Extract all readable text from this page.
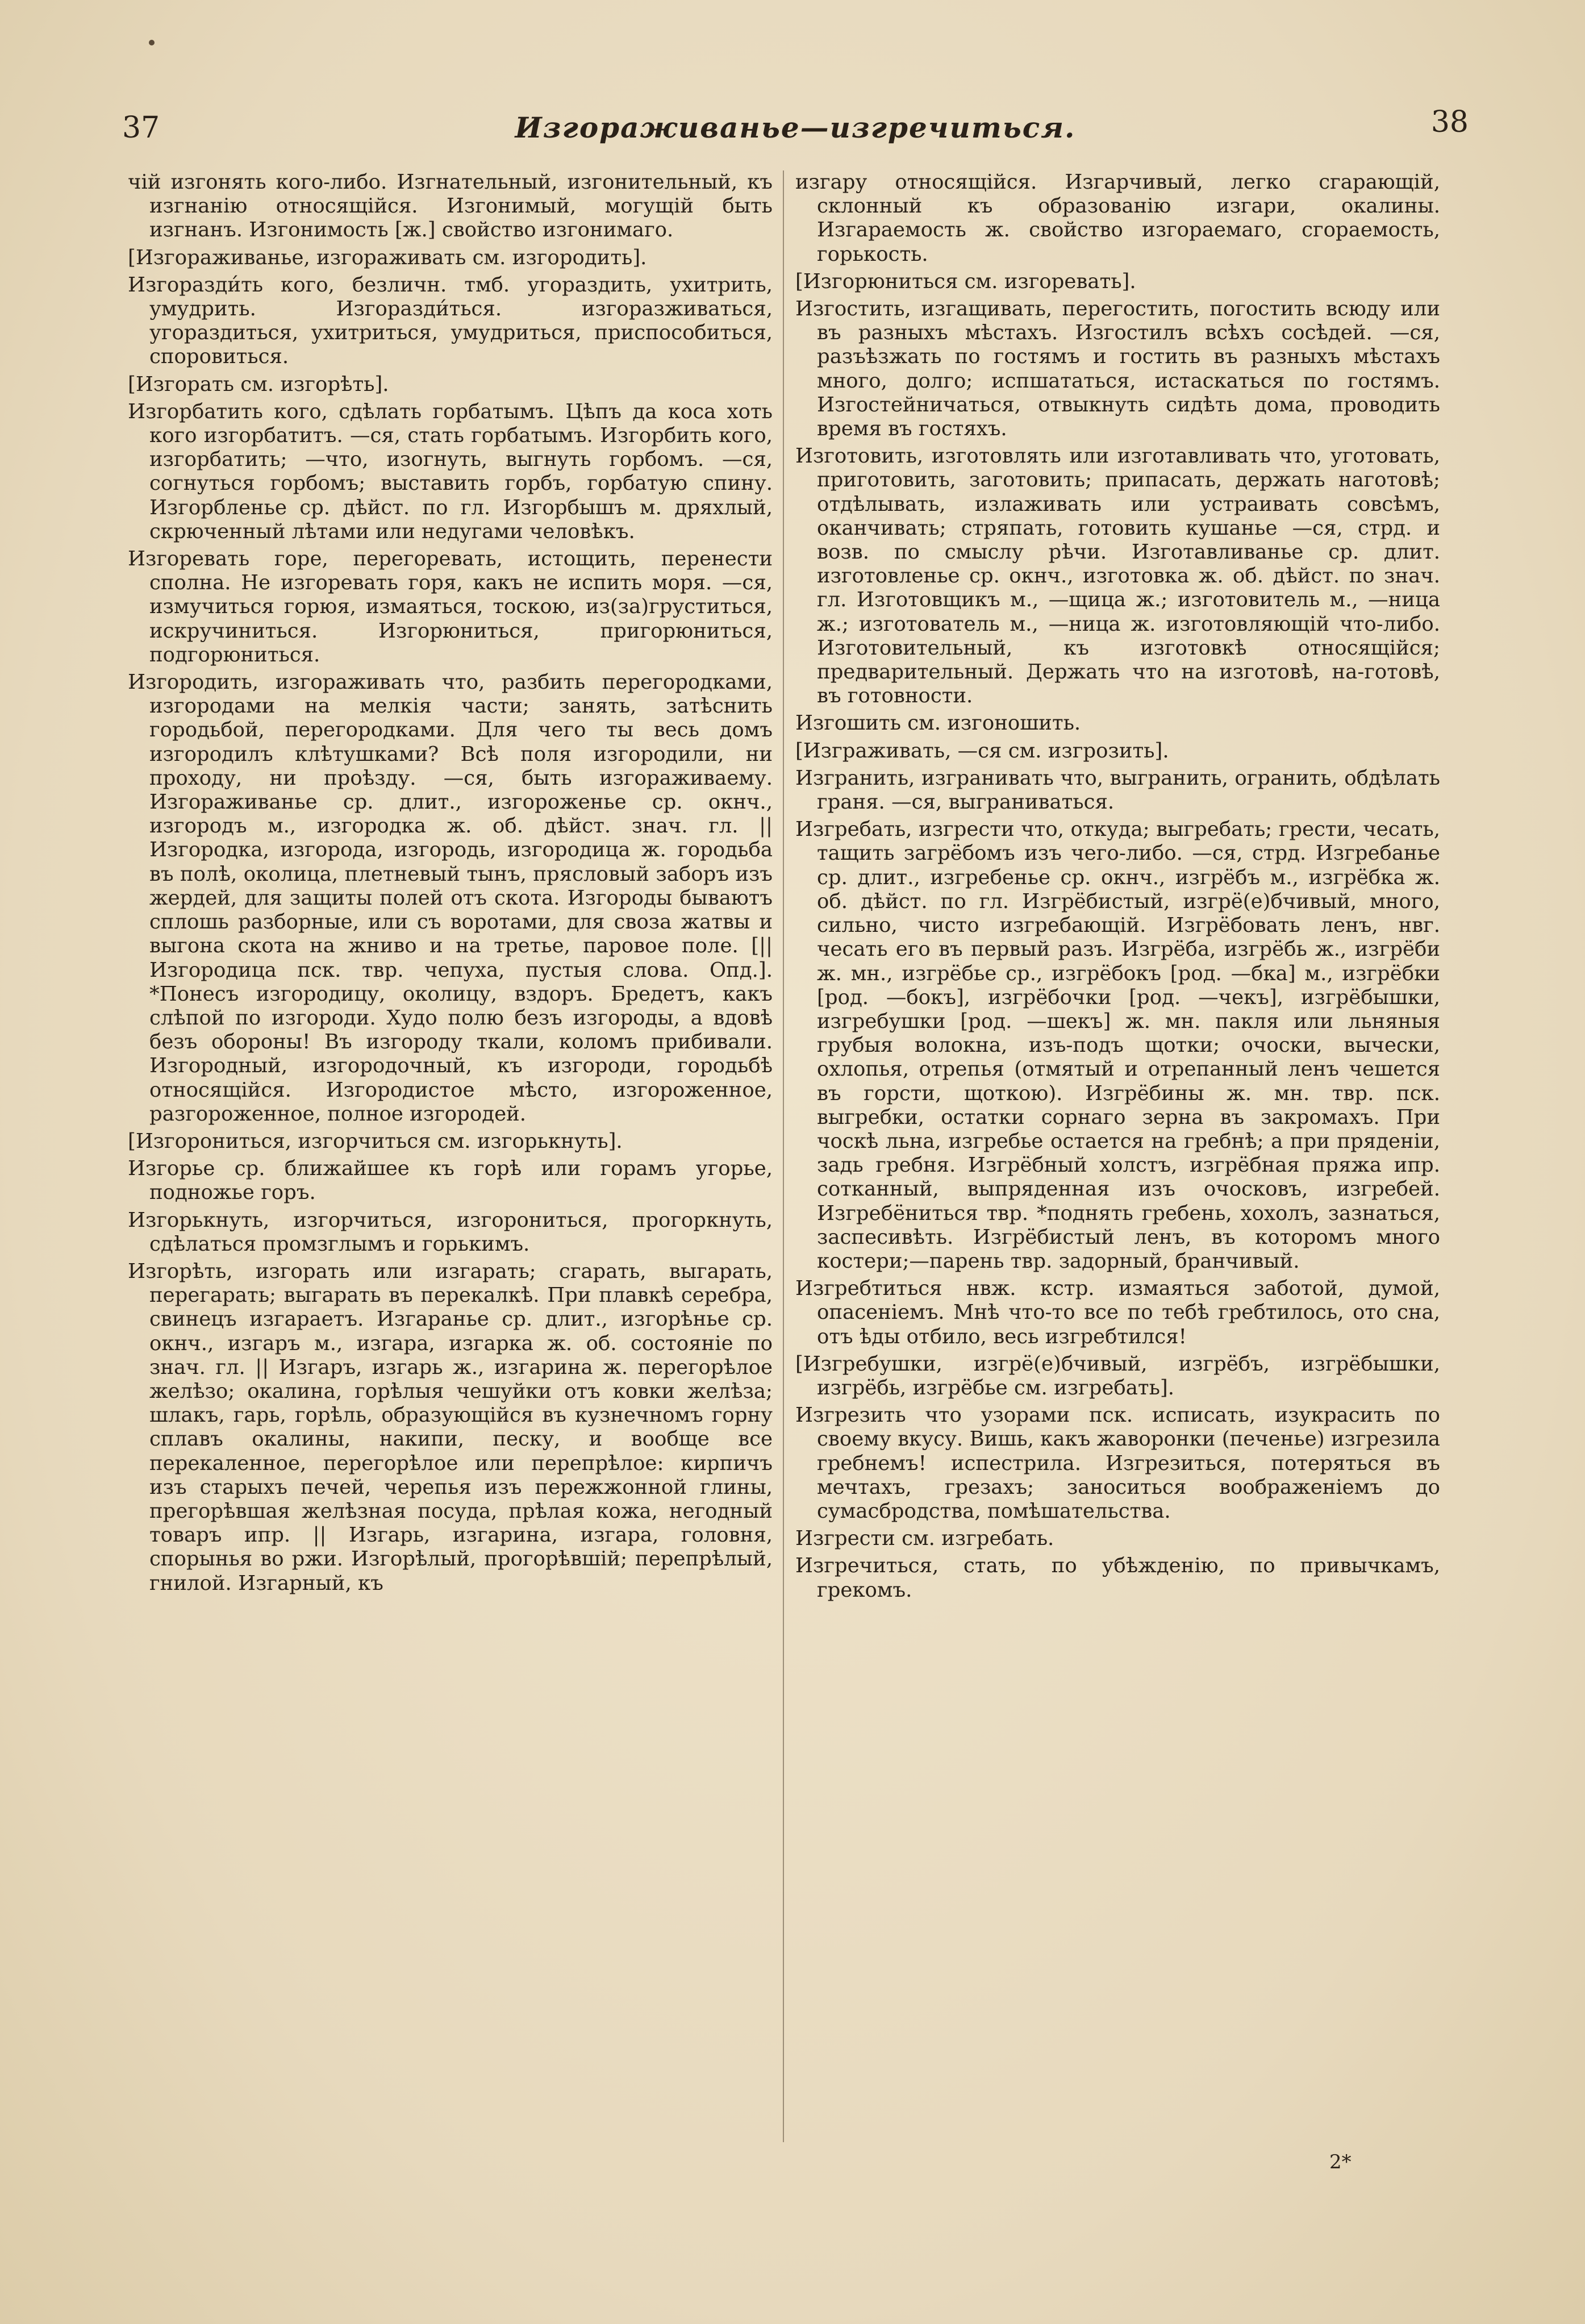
37	Изгораживанье—изгречиться.	38

чій изгонять кого-либо. Изгнательный, изгонительный, къ изгнанію относящійся. Изгонимый, могущій быть изгнанъ. Изгонимость [ж.] свойство изгонимаго.

[Изгораживанье, изгораживать см. изгородить].

Изгоразди́ть кого, безличн. тмб. угораздить, ухитрить, умудрить. Изгоразди́ться. изгоразживаться, угораздиться, ухитриться, умудриться, приспособиться, споровиться.

[Изгорать см. изгорѣть].

Изгорбатить кого, сдѣлать горбатымъ. Цѣпъ да коса хоть кого изгорбатитъ. —ся, стать горбатымъ. Изгорбить кого, изгорбатить; —что, изогнуть, выгнуть горбомъ. —ся, согнуться горбомъ; выставить горбъ, горбатую спину. Изгорбленье ср. дѣйст. по гл. Изгорбышъ м. дряхлый, скрюченный лѣтами или недугами человѣкъ.

Изгоревать горе, перегоревать, истощить, перенести сполна. Не изгоревать горя, какъ не испить моря. —ся, измучиться горюя, измаяться, тоскою, из(за)груститься, искручиниться. Изгорюниться, пригорюниться, подгорюниться.

Изгородить, изгораживать что, разбить перегородками, изгородами на мелкія части; занять, затѣснить городьбой, перегородками. Для чего ты весь домъ изгородилъ клѣтушками? Всѣ поля изгородили, ни проходу, ни проѣзду. —ся, быть изгораживаему. Изгораживанье ср. длит., изгороженье ср. окнч., изгородъ м., изгородка ж. об. дѣйст. знач. гл. || Изгородка, изгорода, изгородь, изгородица ж. городьба въ полѣ, околица, плетневый тынъ, прясловый заборъ изъ жердей, для защиты полей отъ скота. Изгороды бываютъ сплошь разборные, или съ воротами, для своза жатвы и выгона скота на жниво и на третье, паровое поле. [|| Изгородица пск. твр. чепуха, пустыя слова. Опд.]. *Понесъ изгородицу, околицу, вздоръ. Бредетъ, какъ слѣпой по изгороди. Худо полю безъ изгороды, а вдовѣ безъ обороны! Въ изгороду ткали, коломъ прибивали. Изгородный, изгородочный, къ изгороди, городьбѣ относящійся. Изгородистое мѣсто, изгороженное, разгороженное, полное изгородей.

[Изгорониться, изгорчиться см. изгорькнуть].

Изгорье ср. ближайшее къ горѣ или горамъ угорье, подножье горъ.

Изгорькнуть, изгорчиться, изгорониться, прогоркнуть, сдѣлаться промзглымъ и горькимъ.

Изгорѣть, изгорать или изгарать; сгарать, выгарать, перегарать; выгарать въ перекалкѣ. При плавкѣ серебра, свинецъ изгараетъ. Изгаранье ср. длит., изгорѣнье ср. окнч., изгаръ м., изгара, изгарка ж. об. состояніе по знач. гл. || Изгаръ, изгарь ж., изгарина ж. перегорѣлое желѣзо; окалина, горѣлыя чешуйки отъ ковки желѣза; шлакъ, гарь, горѣль, образующійся въ кузнечномъ горну сплавъ окалины, накипи, песку, и вообще все перекаленное, перегорѣлое или перепрѣлое: кирпичъ изъ старыхъ печей, черепья изъ пережжонной глины, прегорѣвшая желѣзная посуда, прѣлая кожа, негодный товаръ ипр. || Изгарь, изгарина, изгара, головня, спорынья во ржи. Изгорѣлый, прогорѣвшій; перепрѣлый, гнилой. Изгарный, къ

изгару относящійся. Изгарчивый, легко сгарающій, склонный къ образованію изгари, окалины. Изгараемость ж. свойство изгораемаго, сгораемость, горькость.

[Изгорюниться см. изгоревать].

Изгостить, изгащивать, перегостить, погостить всюду или въ разныхъ мѣстахъ. Изгостилъ всѣхъ сосѣдей. —ся, разъѣзжать по гостямъ и гостить въ разныхъ мѣстахъ много, долго; испшататься, истаскаться по гостямъ. Изгостейничаться, отвыкнуть сидѣть дома, проводить время въ гостяхъ.

Изготовить, изготовлять или изготавливать что, уготовать, приготовить, заготовить; припасать, держать наготовѣ; отдѣлывать, излаживать или устраивать совсѣмъ, оканчивать; стряпать, готовить кушанье —ся, стрд. и возв. по смыслу рѣчи. Изготавливанье ср. длит. изготовленье ср. окнч., изготовка ж. об. дѣйст. по знач. гл. Изготовщикъ м., —щица ж.; изготовитель м., —ница ж.; изготователь м., —ница ж. изготовляющій что-либо. Изготовительный, къ изготовкѣ относящійся; предварительный. Держать что на изготовѣ, на-готовѣ, въ готовности.

Изгошить см. изгоношить.

[Изграживать, —ся см. изгрозить].

Изгранить, изгранивать что, выгранить, огранить, обдѣлать граня. —ся, выграниваться.

Изгребать, изгрести что, откуда; выгребать; грести, чесать, тащить загрёбомъ изъ чего-либо. —ся, стрд. Изгребанье ср. длит., изгребенье ср. окнч., изгрёбъ м., изгрёбка ж. об. дѣйст. по гл. Изгрёбистый, изгрё(е)бчивый, много, сильно, чисто изгребающій. Изгрёбовать ленъ, нвг. чесать его въ первый разъ. Изгрёба, изгрёбь ж., изгрёби ж. мн., изгрёбье ср., изгрёбокъ [род. —бка] м., изгрёбки [род. —бокъ], изгрёбочки [род. —чекъ], изгрёбышки, изгребушки [род. —шекъ] ж. мн. пакля или льняныя грубыя волокна, изъ-подъ щотки; очоски, вычески, охлопья, отрепья (отмятый и отрепанный ленъ чешется въ горсти, щоткою). Изгрёбины ж. мн. твр. пск. выгребки, остатки сорнаго зерна въ закромахъ. При чоскѣ льна, изгребье остается на гребнѣ; а при пряденіи, задь гребня. Изгрёбный холстъ, изгрёбная пряжа ипр. сотканный, выпряденная изъ очосковъ, изгребей. Изгребёниться твр. *поднять гребень, хохолъ, зазнаться, заспесивѣть. Изгрёбистый ленъ, въ которомъ много костери;—парень твр. задорный, бранчивый.

Изгребтиться нвж. кстр. измаяться заботой, думой, опасеніемъ. Мнѣ что-то все по тебѣ гребтилось, ото сна, отъ ѣды отбило, весь изгребтился!

[Изгребушки, изгрё(е)бчивый, изгрёбъ, изгрёбышки, изгрёбь, изгрёбье см. изгребать].

Изгрезить что узорами пск. исписать, изукрасить по своему вкусу. Вишь, какъ жаворонки (печенье) изгрезила гребнемъ! испестрила. Изгрезиться, потеряться въ мечтахъ, грезахъ; заноситься воображеніемъ до сумасбродства, помѣшательства.

Изгрести см. изгребать.

Изгречиться, стать, по убѣжденію, по привычкамъ, грекомъ.

2*
